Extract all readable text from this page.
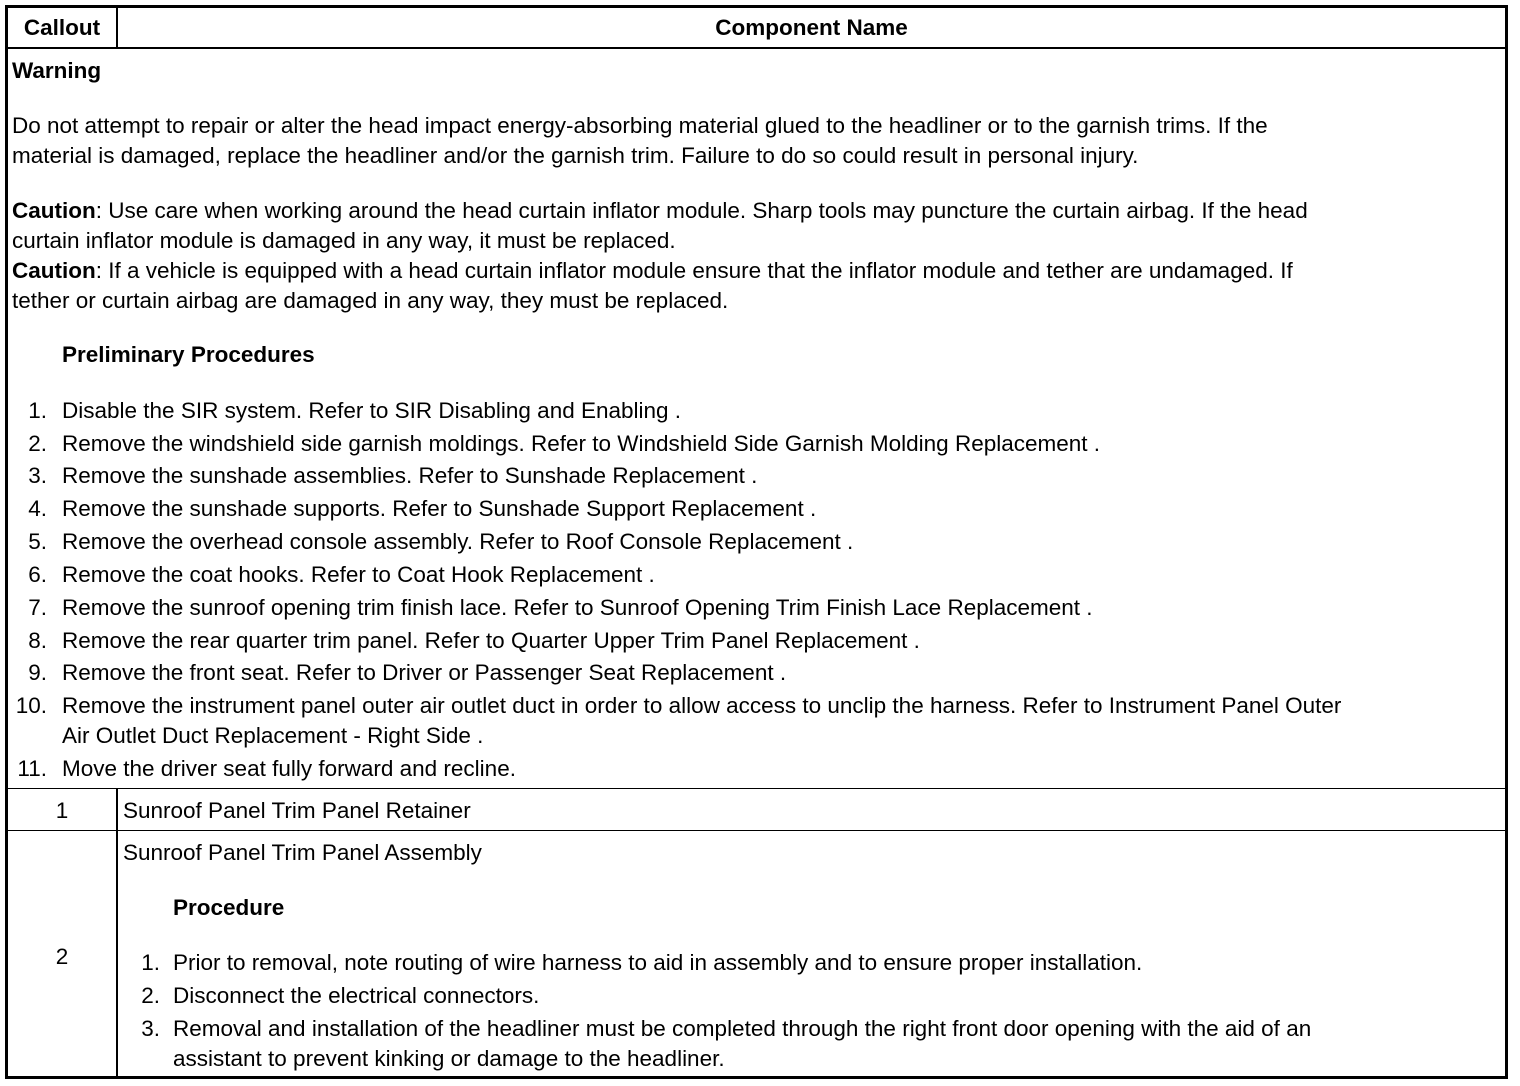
Callout	Component Name
Warning
Do not attempt to repair or alter the head impact energy-absorbing material glued to the headliner or to the garnish trims. If the
material is damaged, replace the headliner and/or the garnish trim. Failure to do so could result in personal injury.
Caution: Use care when working around the head curtain inflator module. Sharp tools may puncture the curtain airbag. If the head
curtain inflator module is damaged in any way, it must be replaced.
Caution: If a vehicle is equipped with a head curtain inflator module ensure that the inflator module and tether are undamaged. If
tether or curtain airbag are damaged in any way, they must be replaced.
Preliminary Procedures
1. Disable the SIR system. Refer to SIR Disabling and Enabling .
2. Remove the windshield side garnish moldings. Refer to Windshield Side Garnish Molding Replacement .
3. Remove the sunshade assemblies. Refer to Sunshade Replacement .
4. Remove the sunshade supports. Refer to Sunshade Support Replacement .
5. Remove the overhead console assembly. Refer to Roof Console Replacement .
6. Remove the coat hooks. Refer to Coat Hook Replacement .
7. Remove the sunroof opening trim finish lace. Refer to Sunroof Opening Trim Finish Lace Replacement .
8. Remove the rear quarter trim panel. Refer to Quarter Upper Trim Panel Replacement .
9. Remove the front seat. Refer to Driver or Passenger Seat Replacement .
10. Remove the instrument panel outer air outlet duct in order to allow access to unclip the harness. Refer to Instrument Panel Outer
Air Outlet Duct Replacement - Right Side .
11. Move the driver seat fully forward and recline.
1	Sunroof Panel Trim Panel Retainer
2
Sunroof Panel Trim Panel Assembly
Procedure
1. Prior to removal, note routing of wire harness to aid in assembly and to ensure proper installation.
2. Disconnect the electrical connectors.
3. Removal and installation of the headliner must be completed through the right front door opening with the aid of an
assistant to prevent kinking or damage to the headliner.
